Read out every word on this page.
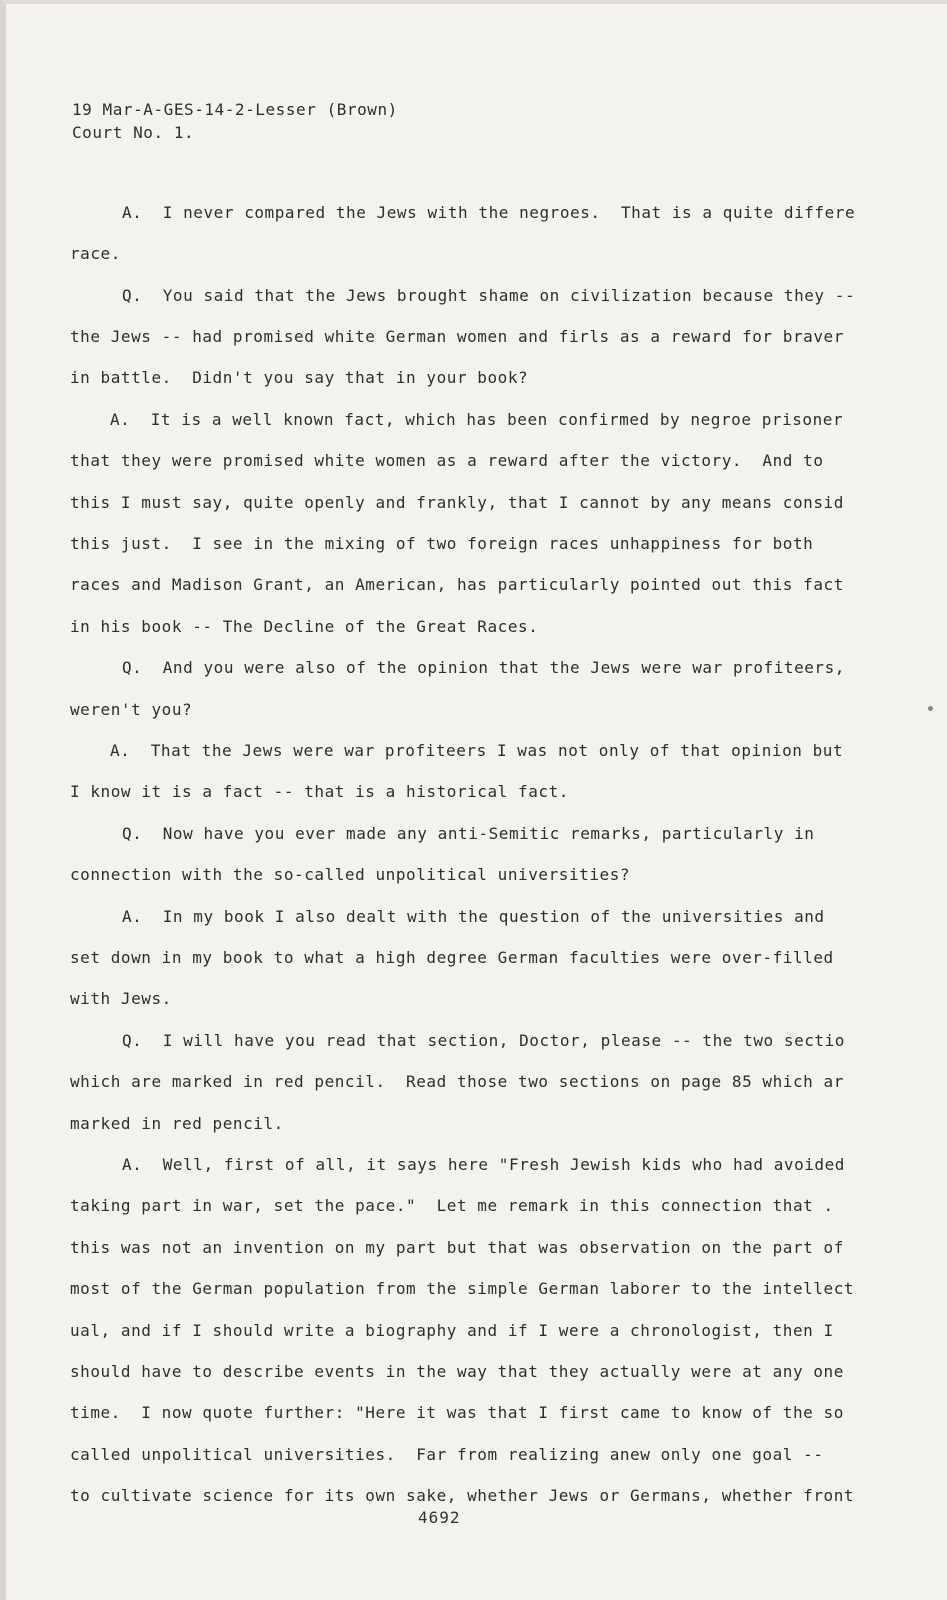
19 Mar-A-GES-14-2-Lesser (Brown)
Court No. 1.
A.  I never compared the Jews with the negroes.  That is a quite differe
race.
Q.  You said that the Jews brought shame on civilization because they --
the Jews -- had promised white German women and firls as a reward for braver
in battle.  Didn't you say that in your book?
A.  It is a well known fact, which has been confirmed by negroe prisoner
that they were promised white women as a reward after the victory.  And to
this I must say, quite openly and frankly, that I cannot by any means consid
this just.  I see in the mixing of two foreign races unhappiness for both
races and Madison Grant, an American, has particularly pointed out this fact
in his book -- The Decline of the Great Races.
Q.  And you were also of the opinion that the Jews were war profiteers,
weren't you?
A.  That the Jews were war profiteers I was not only of that opinion but
I know it is a fact -- that is a historical fact.
Q.  Now have you ever made any anti-Semitic remarks, particularly in
connection with the so-called unpolitical universities?
A.  In my book I also dealt with the question of the universities and
set down in my book to what a high degree German faculties were over-filled
with Jews.
Q.  I will have you read that section, Doctor, please -- the two sectio
which are marked in red pencil.  Read those two sections on page 85 which ar
marked in red pencil.
A.  Well, first of all, it says here "Fresh Jewish kids who had avoided
taking part in war, set the pace."  Let me remark in this connection that .
this was not an invention on my part but that was observation on the part of
most of the German population from the simple German laborer to the intellect
ual, and if I should write a biography and if I were a chronologist, then I
should have to describe events in the way that they actually were at any one
time.  I now quote further: "Here it was that I first came to know of the so
called unpolitical universities.  Far from realizing anew only one goal --
to cultivate science for its own sake, whether Jews or Germans, whether front
4692
